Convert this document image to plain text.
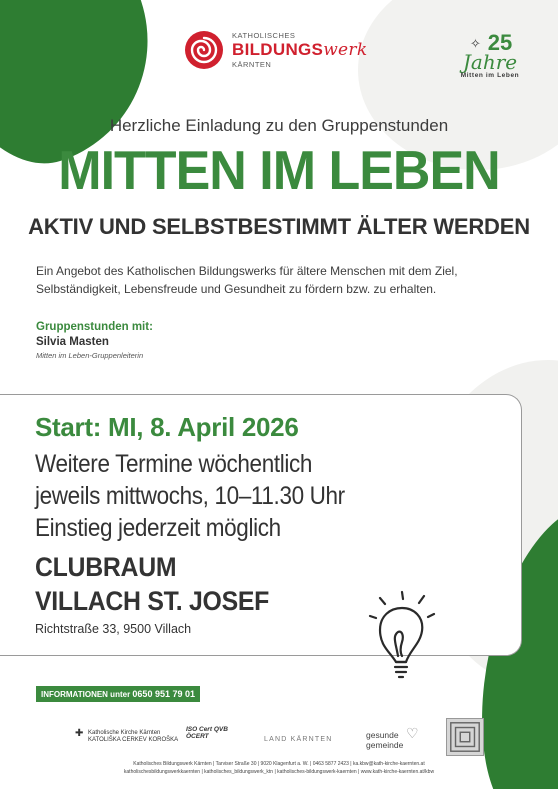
KATHOLISCHES
BILDUNGSwerk
KÄRNTEN
✧ 25
Jahre
Mitten im Leben
Herzliche Einladung zu den Gruppenstunden
MITTEN IM LEBEN
AKTIV UND SELBSTBESTIMMT ÄLTER WERDEN
Ein Angebot des Katholischen Bildungswerks für ältere Menschen mit dem Ziel,
Selbständigkeit, Lebensfreude und Gesundheit zu fördern bzw. zu erhalten.
Gruppenstunden mit:
Silvia Masten
Mitten im Leben-Gruppenleiterin
Start: MI, 8. April 2026
Weitere Termine wöchentlich
jeweils mittwochs, 10–11.30 Uhr
Einstieg jederzeit möglich
CLUBRAUM
VILLACH ST. JOSEF
Richtstraße 33, 9500 Villach
INFORMATIONEN unter 0650 951 79 01
✚ Katholische Kirche Kärnten
KATOLIŠKA CERKEV KOROŠKA
ISO Cert QVB
ÖCERT	LAND KÄRNTEN	♡
gesunde
gemeinde
Katholisches Bildungswerk Kärnten | Tarviser Straße 30 | 9020 Klagenfurt a. W. | 0463 5877 2423 | ka.kbw@kath-kirche-kaernten.at
katholischesbildungswerkkaernten | katholisches_bildungswerk_ktn | katholisches-bildungswerk-kaernten | www.kath-kirche-kaernten.at/kbw
